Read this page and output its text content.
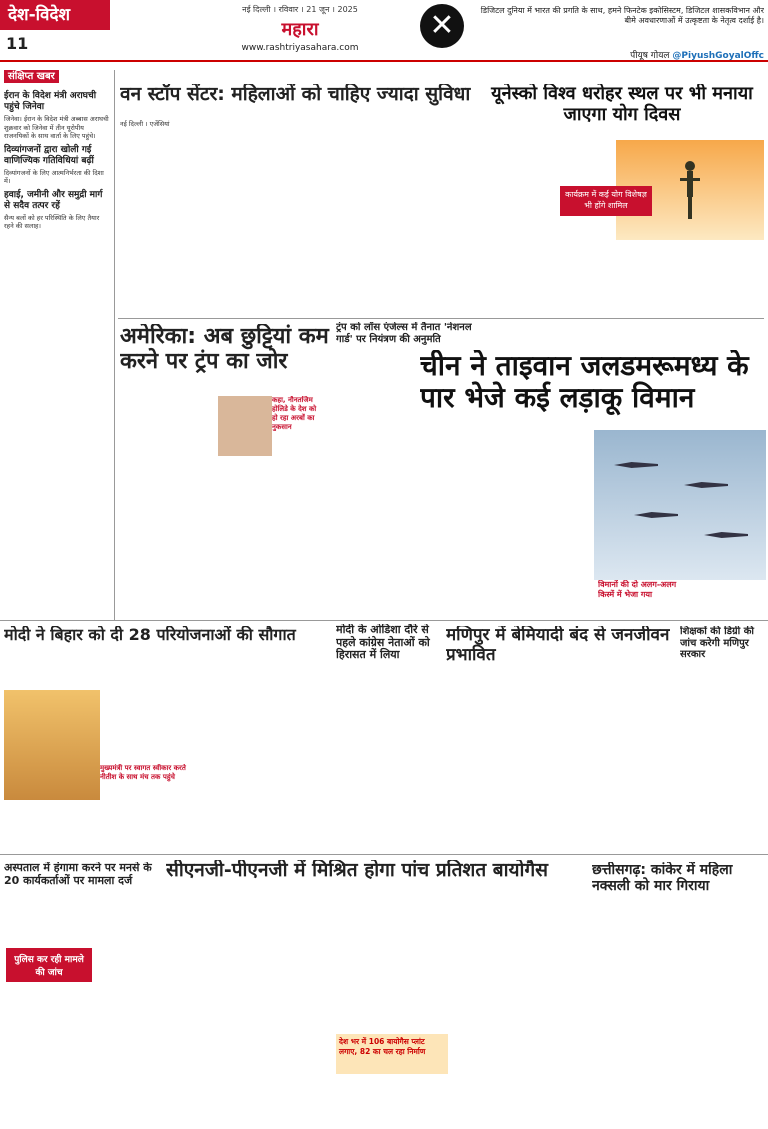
देश-विदेश
11
नई दिल्ली । रविवार । 21 जून । 2025
महारा
www.rashtriyasahara.com
✕	डिजिटल दुनिया में भारत की प्रगति के साथ, हमने फिनटेक इकोसिस्टम, डिजिटल शासकविभान और बीमे अवधारणाओं में उत्कृष्टता के नेतृत्व दर्शाई है।
पीयूष गोयल @PiyushGoyalOffc
संक्षिप्त खबर
ईरान के विदेश मंत्री अराघची पहुंचे जिनेवा

जिनेवा। ईरान के विदेश मंत्री अब्बास अराघची शुक्रवार को जिनेवा में तीन यूरोपीय राजनयिकों के साथ वार्ता के लिए पहुंचे।

दिव्यांगजनों द्वारा खोली गई वाणिज्यिक गतिविधियां बढ़ीं

दिव्यांगजनों के लिए आत्मनिर्भरता की दिशा में।

हवाई, जमीनी और समुद्री मार्ग से सदैव तत्पर रहें

सैन्य बलों को हर परिस्थिति के लिए तैयार रहने की सलाह।

वन स्टॉप सेंटर: महिलाओं को चाहिए ज्यादा सुविधा
नई दिल्ली । एजेंसियां
यूनेस्को विश्व धरोहर स्थल पर भी मनाया जाएगा योग दिवस
कार्यक्रम में कई योग विशेषज्ञ भी होंगे शामिल
अमेरिका: अब छुट्टियां कम करने पर ट्रंप का जोर
कहा, नौनतजिम होलिडे के देश को हो रहा अरबों का नुकसान
ट्रंप को लॉस एंजेल्स में तैनात 'नेशनल गार्ड' पर नियंत्रण की अनुमति
चीन ने ताइवान जलडमरूमध्य के पार भेजे कई लड़ाकू विमान
विमानों की दो अलग-अलग किस्में में भेजा गया
मोदी ने बिहार को दी 28 परियोजनाओं की सौगात
मुख्यमंत्री पर स्वागत स्वीकार करते नीतीश के साथ मंच तक पहुंचे
मोदी के ओडिशा दौरे से पहले कांग्रेस नेताओं को हिरासत में लिया
मणिपुर में बेमियादी बंद से जनजीवन प्रभावित
शिक्षकों की डिग्री की जांच करेगी मणिपुर सरकार
अस्पताल में हंगामा करने पर मनसे के 20 कार्यकर्ताओं पर मामला दर्ज
पुलिस कर रही मामले की जांच
सीएनजी-पीएनजी में मिश्रित होगा पांच प्रतिशत बायोगैस
देश भर में 106 बायोगैस प्लांट लगाए, 82 का चल रहा निर्माण
छत्तीसगढ़: कांकेर में महिला नक्सली को मार गिराया
